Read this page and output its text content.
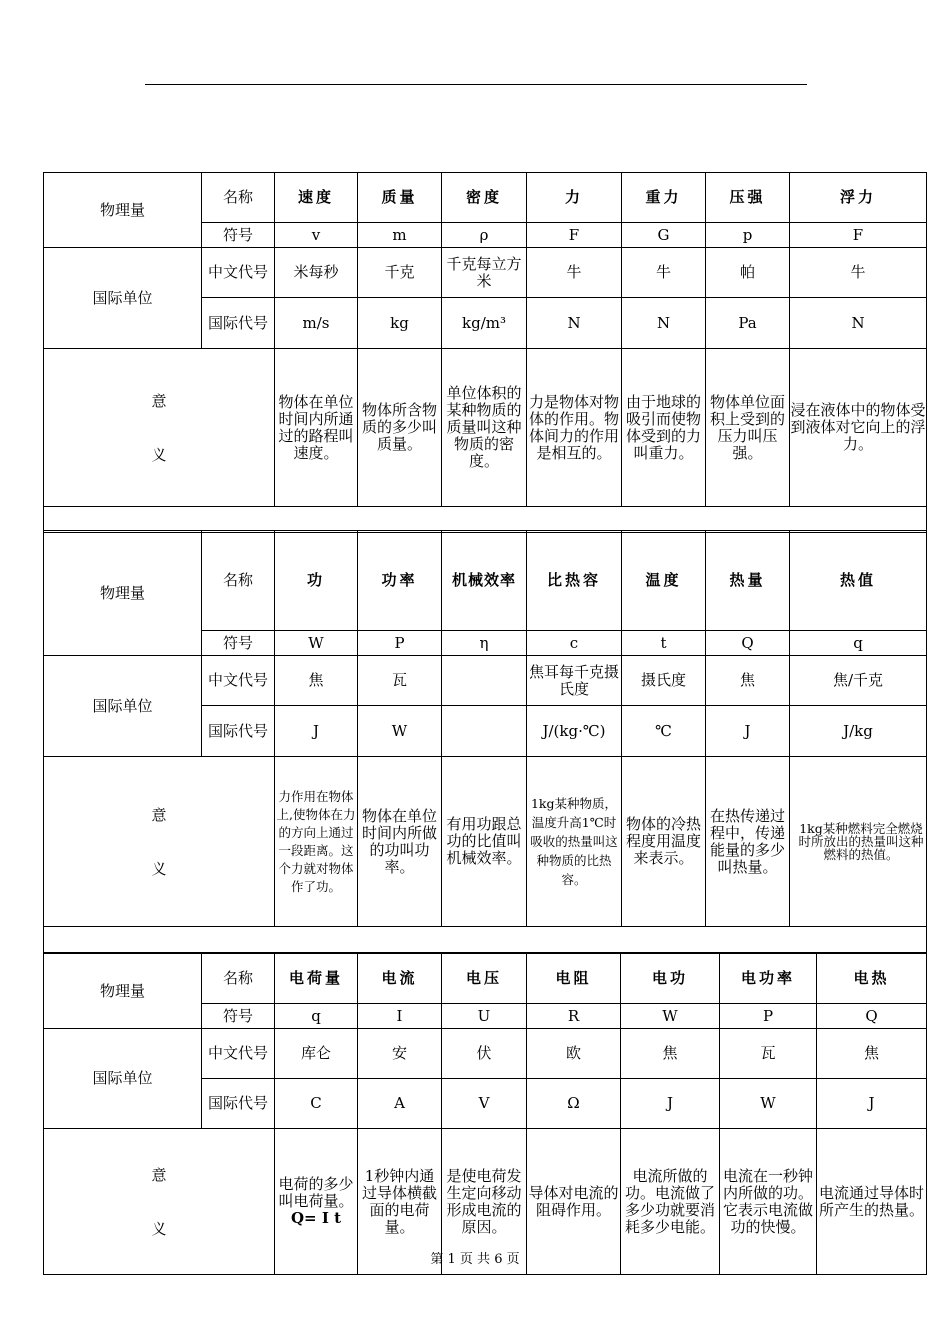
物理量	名称	速度	质量	密度	力	重力	压强	浮力
	符号	v	m	ρ	F	G	p	F
国际单位	中文代号	米每秒	千克	千克每立方米	牛	牛	帕	牛
	国际代号	m/s	kg	kg/m³	N	N	Pa	N

意
义		物体在单位时间内所通过的路程叫速度。	物体所含物质的多少叫质量。	单位体积的某种物质的质量叫这种物质的密度。	力是物体对物体的作用。物体间力的作用是相互的。	由于地球的吸引而使物体受到的力叫重力。	物体单位面积上受到的压力叫压强。	浸在液体中的物体受到液体对它向上的浮力。

物理量	名称	功	功率	机械效率	比热容	温度	热量	热值
	符号	W	P	η	c	t	Q	q
国际单位	中文代号	焦	瓦		焦耳每千克摄氏度	摄氏度	焦	焦/千克
	国际代号	J	W		J/(kg·℃)	℃	J	J/kg

意
义		力作用在物体上,使物体在力的方向上通过一段距离。这个力就对物体作了功。	物体在单位时间内所做的功叫功率。	有用功跟总功的比值叫机械效率。	1kg某种物质，温度升高1℃时吸收的热量叫这种物质的比热容。	物体的冷热程度用温度来表示。	在热传递过程中，传递能量的多少叫热量。	1kg某种燃料完全燃烧时所放出的热量叫这种燃料的热值。

物理量	名称	电荷量	电流	电压	电阻	电功	电功率	电热
	符号	q	I	U	R	W	P	Q
国际单位	中文代号	库仑	安	伏	欧	焦	瓦	焦
	国际代号	C	A	V	Ω	J	W	J

意
义		电荷的多少叫电荷量。
Q= I t	1秒钟内通过导体横截面的电荷量。	是使电荷发生定向移动形成电流的原因。	导体对电流的阻碍作用。	电流所做的功。电流做了多少功就要消耗多少电能。	电流在一秒钟内所做的功。它表示电流做功的快慢。	电流通过导体时所产生的热量。
第 1 页 共 6 页
